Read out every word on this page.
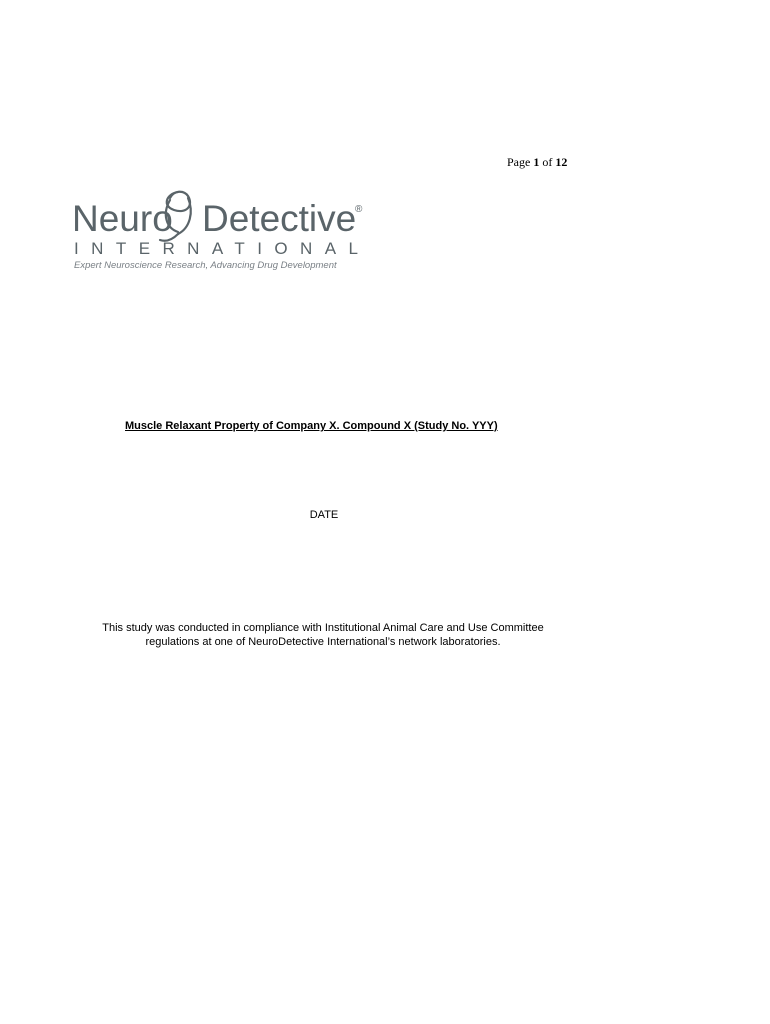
Page 1 of 12
Neuro Detective
®
INTERNATIONAL
Expert Neuroscience Research, Advancing Drug Development
Muscle Relaxant Property of Company X. Compound X (Study No. YYY)
DATE
This study was conducted in compliance with Institutional Animal Care and Use Committee
regulations at one of NeuroDetective International’s network laboratories.
